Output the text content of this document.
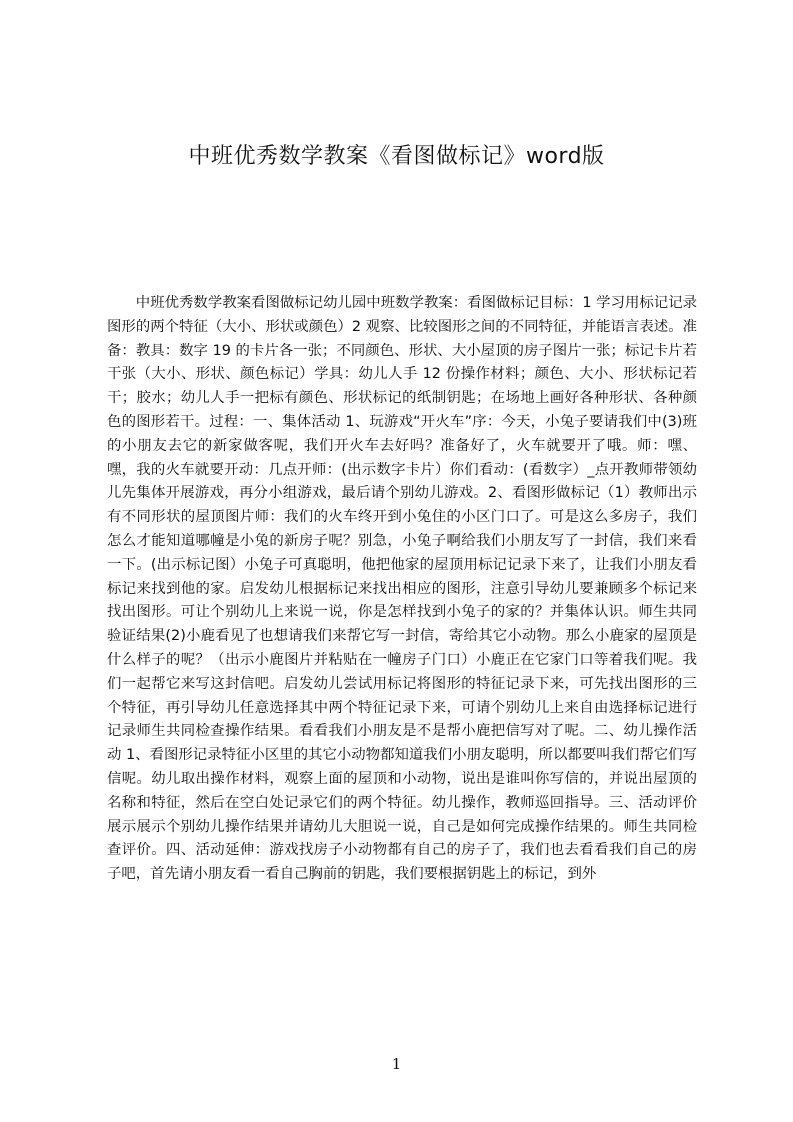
中班优秀数学教案《看图做标记》word版

中班优秀数学教案看图做标记幼儿园中班数学教案：看图做标记目标：1 学习用标记记录图形的两个特征（大小、形状或颜色）2 观察、比较图形之间的不同特征，并能语言表述。准备：教具：数字 19 的卡片各一张；不同颜色、形状、大小屋顶的房子图片一张；标记卡片若干张（大小、形状、颜色标记）学具：幼儿人手 12 份操作材料；颜色、大小、形状标记若干；胶水；幼儿人手一把标有颜色、形状标记的纸制钥匙；在场地上画好各种形状、各种颜色的图形若干。过程：一、集体活动 1、玩游戏“开火车”序：今天，小兔子要请我们中(3)班的小朋友去它的新家做客呢，我们开火车去好吗？准备好了，火车就要开了哦。师：嘿、嘿，我的火车就要开动：几点开师：(出示数字卡片）你们看动：(看数字）_点开教师带领幼儿先集体开展游戏，再分小组游戏，最后请个别幼儿游戏。2、看图形做标记（1）教师出示有不同形状的屋顶图片师：我们的火车终开到小兔住的小区门口了。可是这么多房子，我们怎么才能知道哪幢是小兔的新房子呢？别急，小兔子啊给我们小朋友写了一封信，我们来看一下。(出示标记图）小兔子可真聪明，他把他家的屋顶用标记记录下来了，让我们小朋友看标记来找到他的家。启发幼儿根据标记来找出相应的图形，注意引导幼儿要兼顾多个标记来找出图形。可让个别幼儿上来说一说，你是怎样找到小兔子的家的？并集体认识。师生共同验证结果(2)小鹿看见了也想请我们来帮它写一封信，寄给其它小动物。那么小鹿家的屋顶是什么样子的呢？（出示小鹿图片并粘贴在一幢房子门口）小鹿正在它家门口等着我们呢。我们一起帮它来写这封信吧。启发幼儿尝试用标记将图形的特征记录下来，可先找出图形的三个特征，再引导幼儿任意选择其中两个特征记录下来，可请个别幼儿上来自由选择标记进行记录师生共同检查操作结果。看看我们小朋友是不是帮小鹿把信写对了呢。二、幼儿操作活动 1、看图形记录特征小区里的其它小动物都知道我们小朋友聪明，所以都要叫我们帮它们写信呢。幼儿取出操作材料，观察上面的屋顶和小动物，说出是谁叫你写信的，并说出屋顶的名称和特征，然后在空白处记录它们的两个特征。幼儿操作，教师巡回指导。三、活动评价展示展示个别幼儿操作结果并请幼儿大胆说一说，自己是如何完成操作结果的。师生共同检查评价。四、活动延伸：游戏找房子小动物都有自己的房子了，我们也去看看我们自己的房子吧，首先请小朋友看一看自己胸前的钥匙，我们要根据钥匙上的标记，到外

1
